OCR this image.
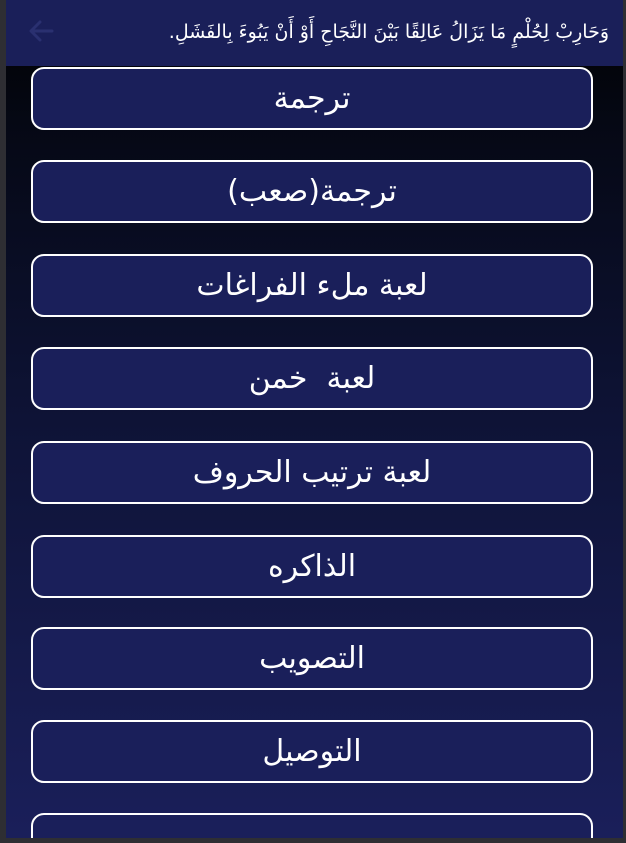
وَحَارِبْ لِحُلْمٍ مَا يَزَالُ عَالِقًا بَيْنَ النَّجَاحِ أَوْ أَنْ يَبُوءَ بِالفَشَلِ.
ترجمة
ترجمة(صعب)
لعبة ملء الفراغات
لعبة  خمن
لعبة ترتيب الحروف
الذاكره
التصويب
التوصيل
